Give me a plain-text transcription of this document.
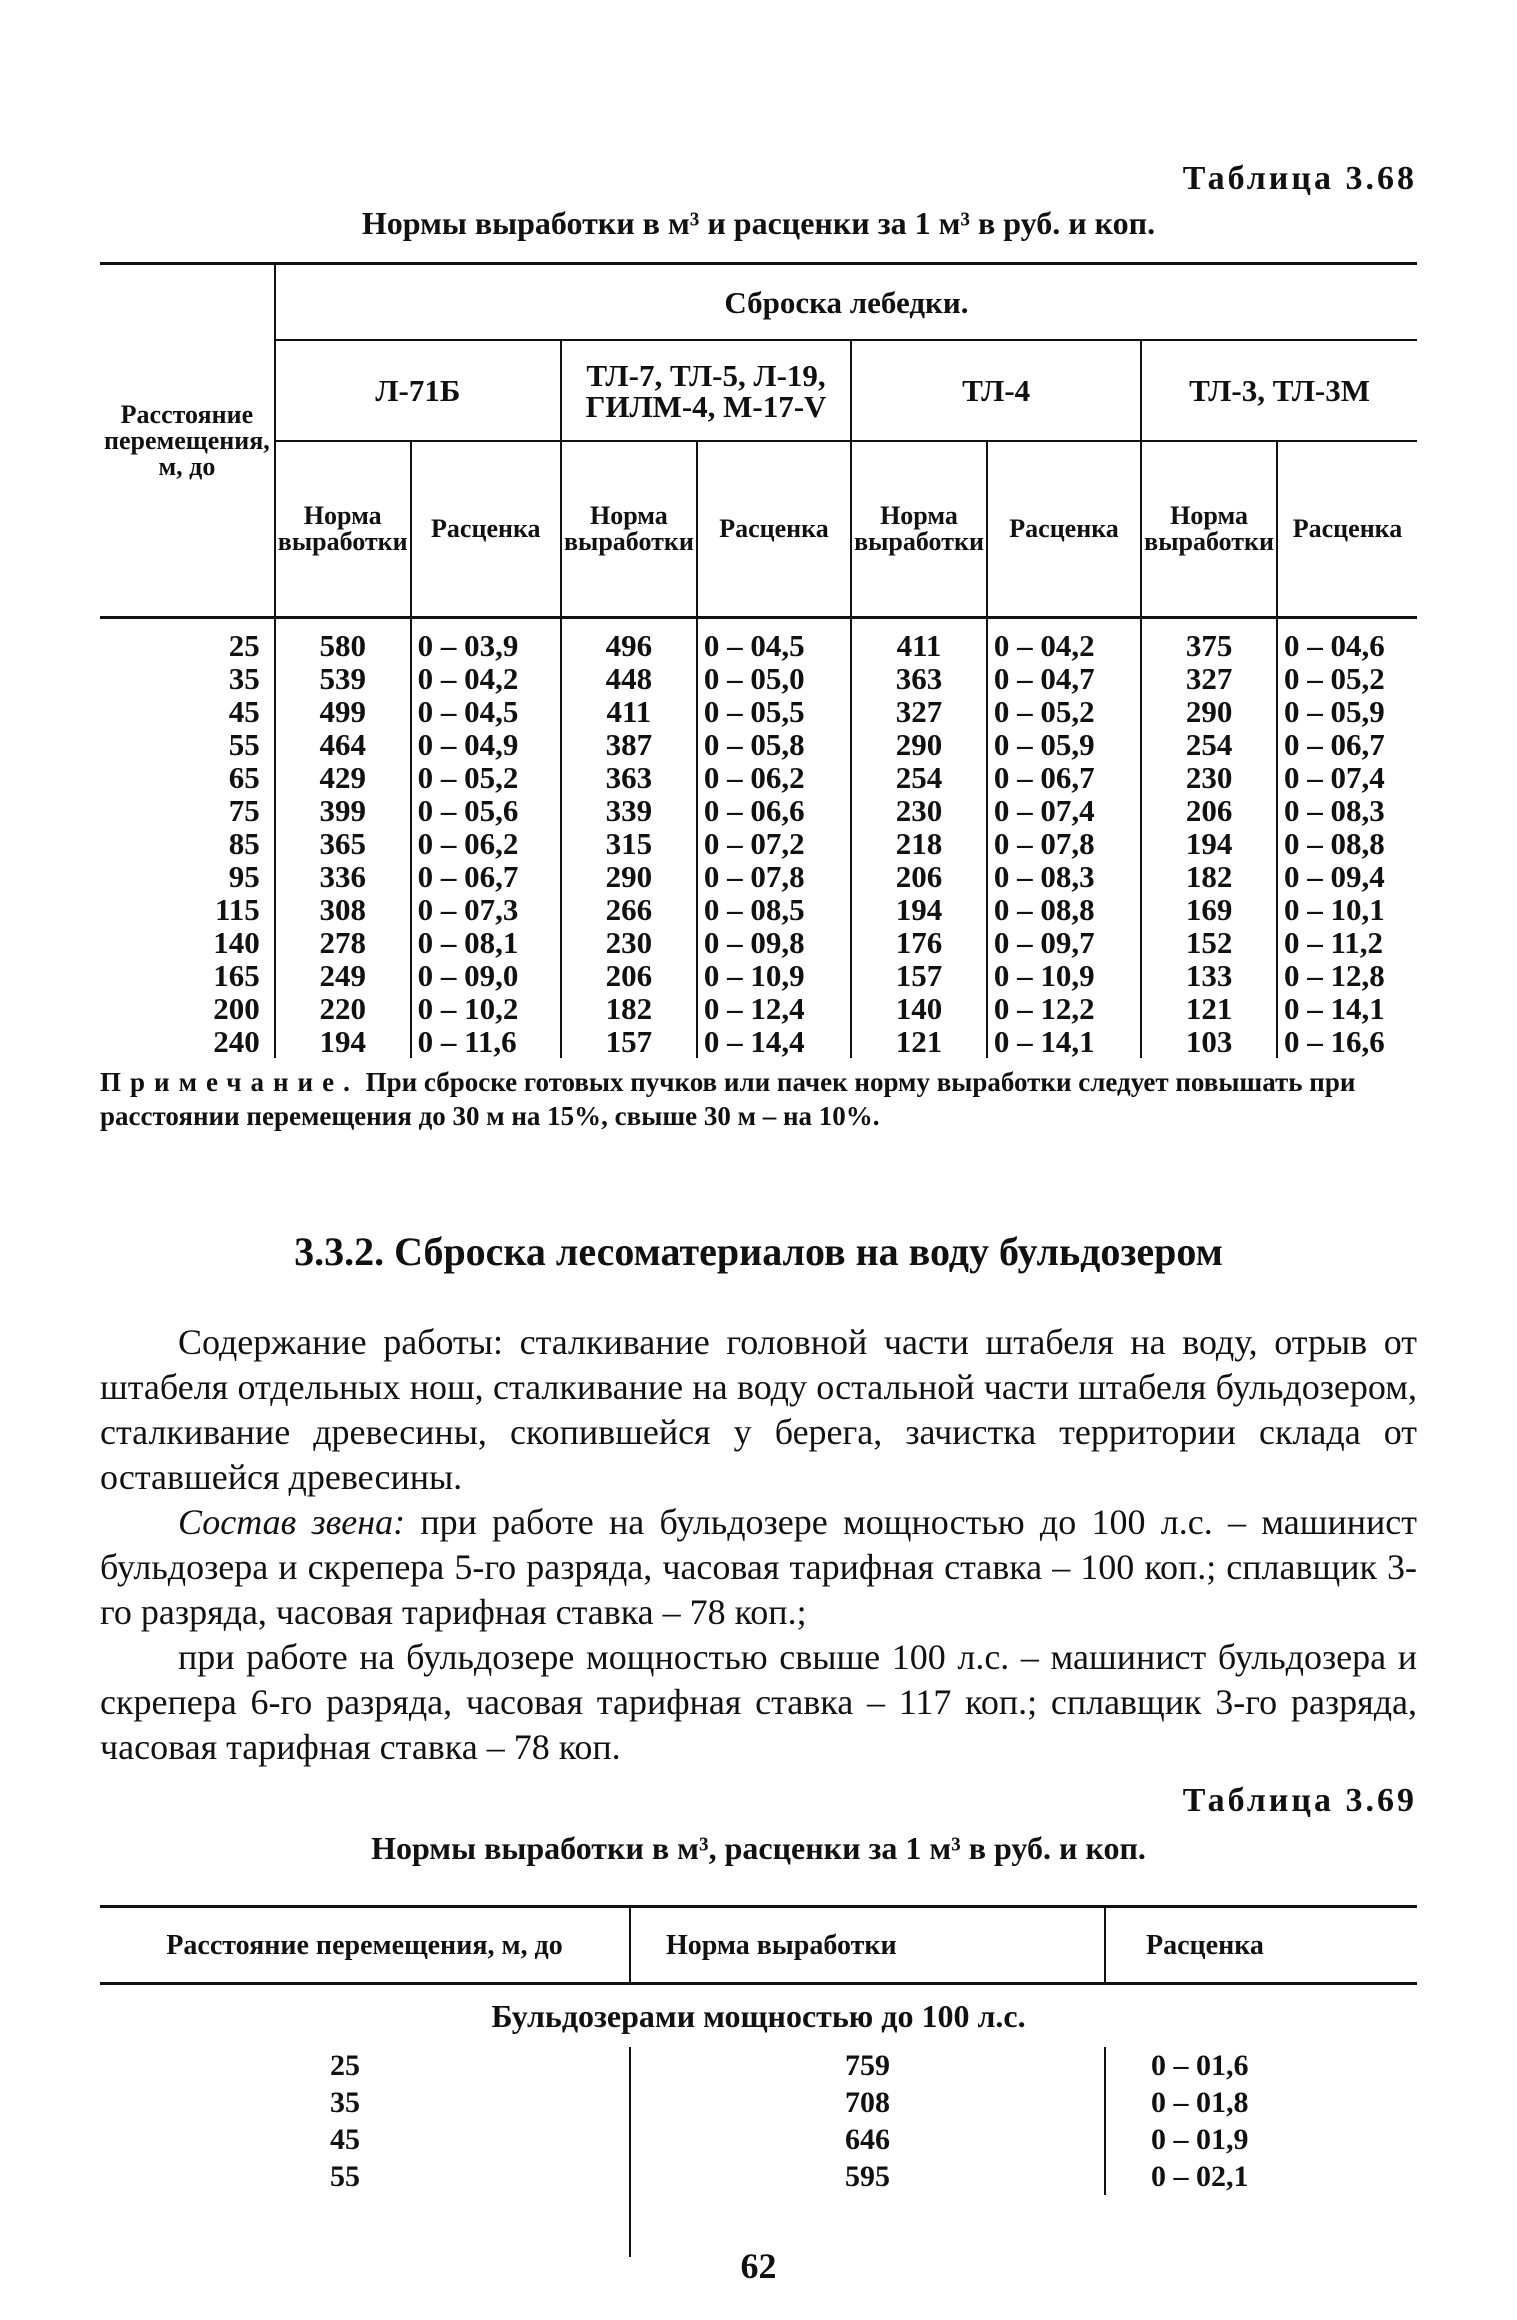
Таблица 3.68
Нормы выработки в м³ и расценки за 1 м³ в руб. и коп.
Расстояние перемещения, м, до	Сброска лебедки.							
	Л-71Б		ТЛ-7, ТЛ-5, Л-19, ГИЛМ-4, М-17-V		ТЛ-4		ТЛ-3, ТЛ-3М	
	Норма выработки	Расценка	Норма выработки	Расценка	Норма выработки	Расценка	Норма выработки	Расценка
25	580	0 – 03,9	496	0 – 04,5	411	0 – 04,2	375	0 – 04,6
35	539	0 – 04,2	448	0 – 05,0	363	0 – 04,7	327	0 – 05,2
45	499	0 – 04,5	411	0 – 05,5	327	0 – 05,2	290	0 – 05,9
55	464	0 – 04,9	387	0 – 05,8	290	0 – 05,9	254	0 – 06,7
65	429	0 – 05,2	363	0 – 06,2	254	0 – 06,7	230	0 – 07,4
75	399	0 – 05,6	339	0 – 06,6	230	0 – 07,4	206	0 – 08,3
85	365	0 – 06,2	315	0 – 07,2	218	0 – 07,8	194	0 – 08,8
95	336	0 – 06,7	290	0 – 07,8	206	0 – 08,3	182	0 – 09,4
115	308	0 – 07,3	266	0 – 08,5	194	0 – 08,8	169	0 – 10,1
140	278	0 – 08,1	230	0 – 09,8	176	0 – 09,7	152	0 – 11,2
165	249	0 – 09,0	206	0 – 10,9	157	0 – 10,9	133	0 – 12,8
200	220	0 – 10,2	182	0 – 12,4	140	0 – 12,2	121	0 – 14,1
240	194	0 – 11,6	157	0 – 14,4	121	0 – 14,1	103	0 – 16,6
Примечание. При сброске готовых пучков или пачек норму выработки следует повышать при расстоянии перемещения до 30 м на 15%, свыше 30 м – на 10%.
3.3.2. Сброска лесоматериалов на воду бульдозером

Содержание работы: сталкивание головной части штабеля на воду, отрыв от штабеля отдельных нош, сталкивание на воду остальной части штабеля бульдозером, сталкивание древесины, скопившейся у берега, зачистка территории склада от оставшейся древесины.

Состав звена: при работе на бульдозере мощностью до 100 л.с. – машинист бульдозера и скрепера 5-го разряда, часовая тарифная ставка – 100 коп.; сплавщик 3-го разряда, часовая тарифная ставка – 78 коп.;

при работе на бульдозере мощностью свыше 100 л.с. – машинист бульдозера и скрепера 6-го разряда, часовая тарифная ставка – 117 коп.; сплавщик 3-го разряда, часовая тарифная ставка – 78 коп.

Таблица 3.69
Нормы выработки в м³, расценки за 1 м³ в руб. и коп.
Расстояние перемещения, м, до	Норма выработки	Расценка
Бульдозерами мощностью до 100 л.с.		
25	759	0 – 01,6
35	708	0 – 01,8
45	646	0 – 01,9
55	595	0 – 02,1

62
